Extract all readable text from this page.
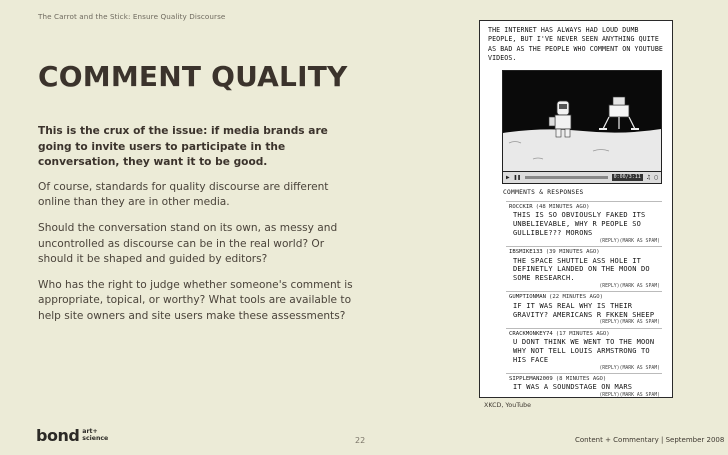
The Carrot and the Stick: Ensure Quality Discourse
COMMENT QUALITY

This is the crux of the issue: if media brands are going to invite users to participate in the conversation, they want it to be good.

Of course, standards for quality discourse are different online than they are in other media.

Should the conversation stand on its own, as messy and uncontrolled as discourse can be in the real world? Or should it be shaped and guided by editors?

Who has the right to judge whether someone's comment is appropriate, topical, or worthy? What tools are available to help site owners and site users make these assessments?

THE INTERNET HAS ALWAYS HAD LOUD DUMB PEOPLE, BUT I'VE NEVER SEEN ANYTHING QUITE AS BAD AS THE PEOPLE WHO COMMENT ON YOUTUBE VIDEOS.
▶ ❚❚	0:00/3:11	♫ ▢
COMMENTS & RESPONSES
ROCCKIR (48 MINUTES AGO)
THIS IS SO OBVIOUSLY FAKED ITS UNBELIEVABLE, WHY R PEOPLE SO GULLIBLE??? MORONS
(REPLY)(MARK AS SPAM)
IBSMIKE133 (39 MINUTES AGO)
THE SPACE SHUTTLE ASS HOLE IT DEFINETLY LANDED ON THE MOON DO SOME RESEARCH.
(REPLY)(MARK AS SPAM)
GUMPTIONMAN (22 MINUTES AGO)
IF IT WAS REAL WHY IS THEIR GRAVITY? AMERICANS R FKKEN SHEEP
(REPLY)(MARK AS SPAM)
CRACKMONKEY74 (17 MINUTES AGO)
U DONT THINK WE WENT TO THE MOON WHY NOT TELL LOUIS ARMSTRONG TO HIS FACE
(REPLY)(MARK AS SPAM)
SIPPLEMAN2009 (8 MINUTES AGO)
IT WAS A SOUNDSTAGE ON MARS
(REPLY)(MARK AS SPAM)
XKCD, YouTube
bond art+
science	22	Content + Commentary | September 2008
